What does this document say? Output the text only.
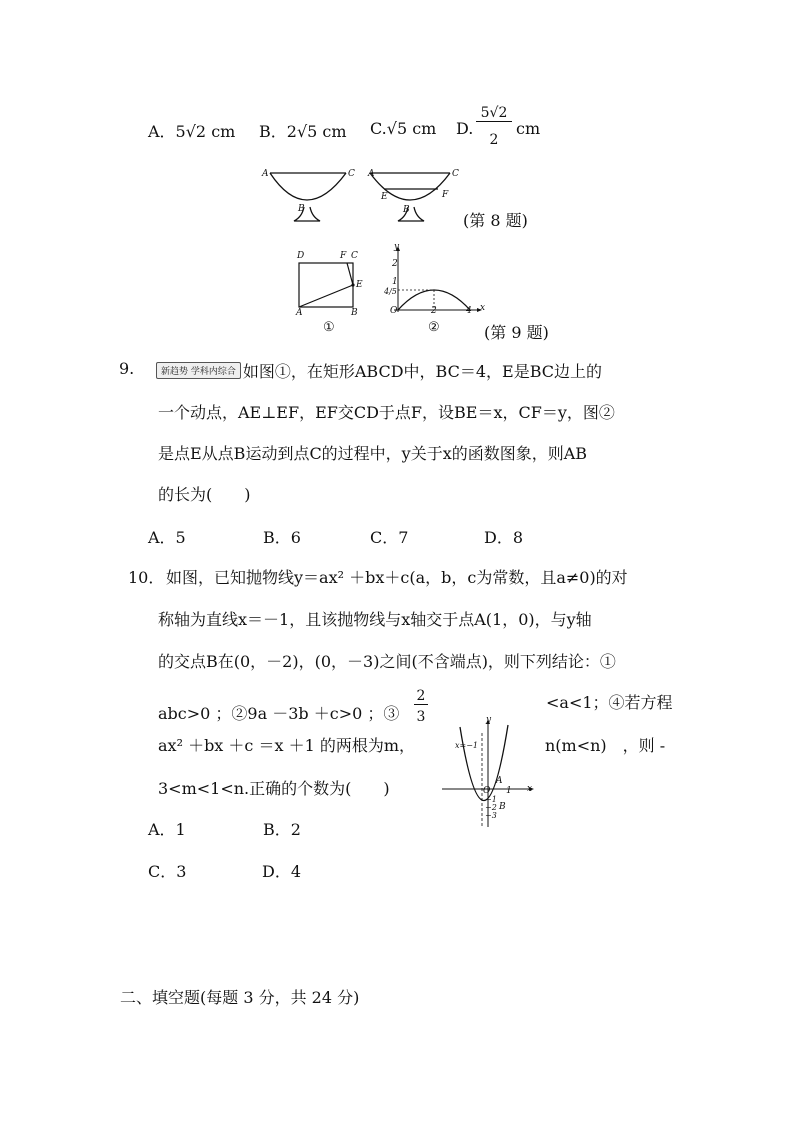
A．5√2 cm B．2√5 cm C.√5 cm D.
5√2
2
cm
A	C
B
A	C
E	F
B
(第 8 题)
D	F C
E
A	B
①
y
x
O
2
1
4/5
2	4
②	(第 9 题)
9.	新趋势 学科内综合 如图①，在矩形ABCD中，BC＝4，E是BC边上的
一个动点，AE⊥EF，EF交CD于点F，设BE＝x，CF＝y，图②
是点E从点B运动到点C的过程中，y关于x的函数图象，则AB
的长为(　　)
A．5	B．6	C．7	D．8
10． 如图，已知抛物线y＝ax² ＋bx＋c(a，b，c为常数，且a≠0)的对
称轴为直线x＝－1，且该抛物线与x轴交于点A(1，0)，与y轴
的交点B在(0，－2)，(0，－3)之间(不含端点)，则下列结论：①
abc>0 ；②9a －3b ＋c>0 ；③
2
3
<a<1；④若方程
ax² ＋bx ＋c ＝x ＋1 的两根为m，	n(m<n)　，则 -
3<m<1<n.正确的个数为(　　)
x=−1
y
x
O 1
A
−1
−2
−3
B
A．1	B．2
C．3	D．4
二、填空题(每题 3 分，共 24 分)
